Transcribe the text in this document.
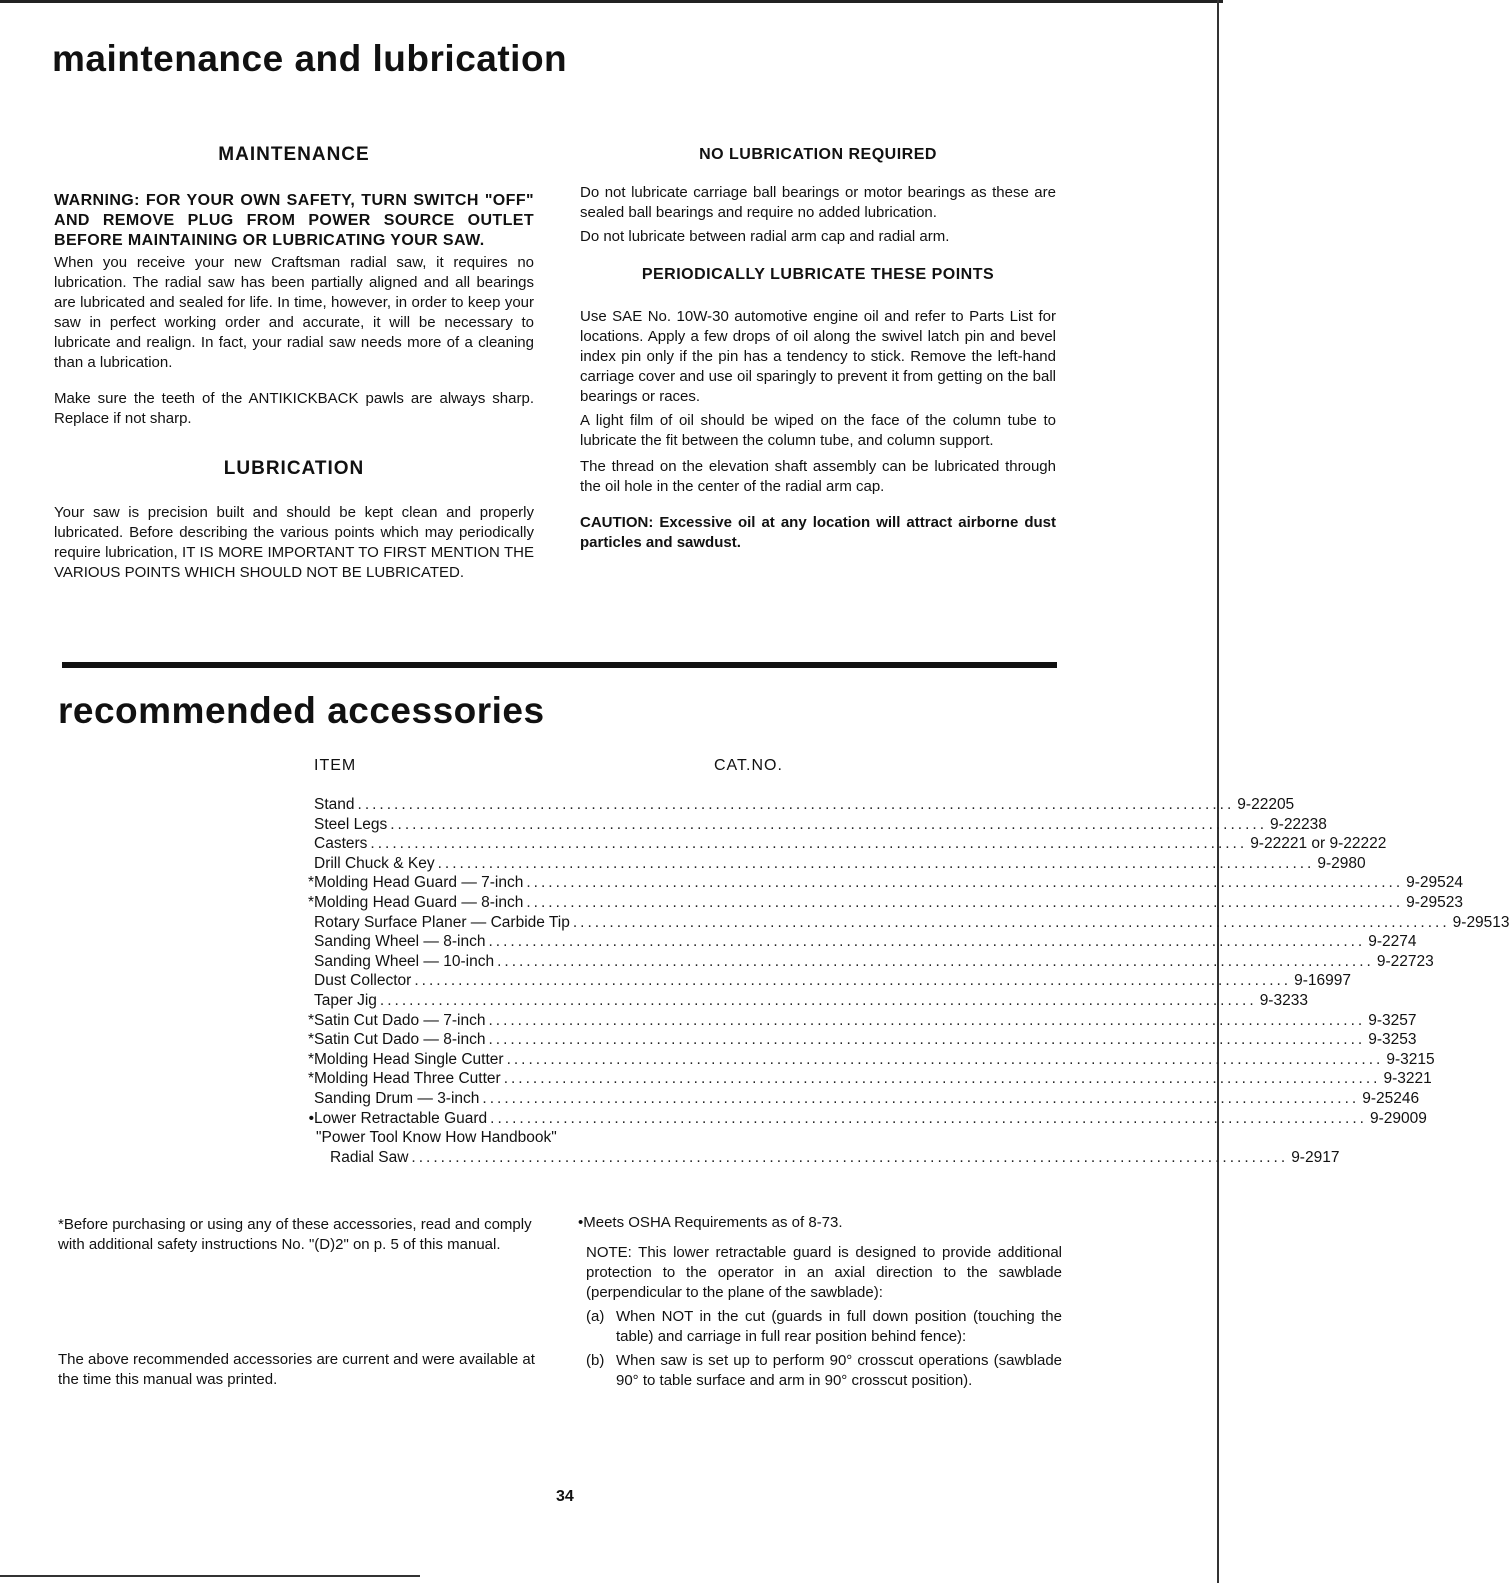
maintenance and lubrication
MAINTENANCE

WARNING: FOR YOUR OWN SAFETY, TURN SWITCH "OFF" AND REMOVE PLUG FROM POWER SOURCE OUTLET BEFORE MAINTAINING OR LUBRICATING YOUR SAW.

When you receive your new Craftsman radial saw, it requires no lubrication. The radial saw has been partially aligned and all bearings are lubricated and sealed for life. In time, however, in order to keep your saw in perfect working order and accurate, it will be necessary to lubricate and realign. In fact, your radial saw needs more of a cleaning than a lubrication.

Make sure the teeth of the ANTIKICKBACK pawls are always sharp. Replace if not sharp.

LUBRICATION

Your saw is precision built and should be kept clean and properly lubricated. Before describing the various points which may periodically require lubrication, IT IS MORE IMPORTANT TO FIRST MENTION THE VARIOUS POINTS WHICH SHOULD NOT BE LUBRICATED.

NO LUBRICATION REQUIRED

Do not lubricate carriage ball bearings or motor bearings as these are sealed ball bearings and require no added lubrication.

Do not lubricate between radial arm cap and radial arm.

PERIODICALLY LUBRICATE THESE POINTS

Use SAE No. 10W-30 automotive engine oil and refer to Parts List for locations. Apply a few drops of oil along the swivel latch pin and bevel index pin only if the pin has a tendency to stick. Remove the left-hand carriage cover and use oil sparingly to prevent it from getting on the ball bearings or races.

A light film of oil should be wiped on the face of the column tube to lubricate the fit between the column tube, and column support.

The thread on the elevation shaft assembly can be lubricated through the oil hole in the center of the radial arm cap.

CAUTION: Excessive oil at any location will attract airborne dust particles and sawdust.

recommended accessories
ITEM	CAT.NO.
Stand ........................................................................................................................ 9-22205
Steel Legs ........................................................................................................................ 9-22238
Casters ........................................................................................................................ 9-22221 or 9-22222
Drill Chuck & Key ........................................................................................................................ 9-2980
* Molding Head Guard — 7-inch ........................................................................................................................ 9-29524
* Molding Head Guard — 8-inch ........................................................................................................................ 9-29523
Rotary Surface Planer — Carbide Tip ........................................................................................................................ 9-29513
Sanding Wheel — 8-inch ........................................................................................................................ 9-2274
Sanding Wheel — 10-inch ........................................................................................................................ 9-22723
Dust Collector ........................................................................................................................ 9-16997
Taper Jig ........................................................................................................................ 9-3233
* Satin Cut Dado — 7-inch ........................................................................................................................ 9-3257
* Satin Cut Dado — 8-inch ........................................................................................................................ 9-3253
* Molding Head Single Cutter ........................................................................................................................ 9-3215
* Molding Head Three Cutter ........................................................................................................................ 9-3221
Sanding Drum — 3-inch ........................................................................................................................ 9-25246
• Lower Retractable Guard ........................................................................................................................ 9-29009
"Power Tool Know How Handbook"
Radial Saw ........................................................................................................................ 9-2917

*Before purchasing or using any of these accessories, read and comply with additional safety instructions No. "(D)2" on p. 5 of this manual.

The above recommended accessories are current and were available at the time this manual was printed.

•Meets OSHA Requirements as of 8-73.

NOTE: This lower retractable guard is designed to provide additional protection to the operator in an axial direction to the sawblade (perpendicular to the plane of the sawblade):

(a) When NOT in the cut (guards in full down position (touching the table) and carriage in full rear position behind fence):
(b) When saw is set up to perform 90° crosscut operations (sawblade 90° to table surface and arm in 90° crosscut position).
34
